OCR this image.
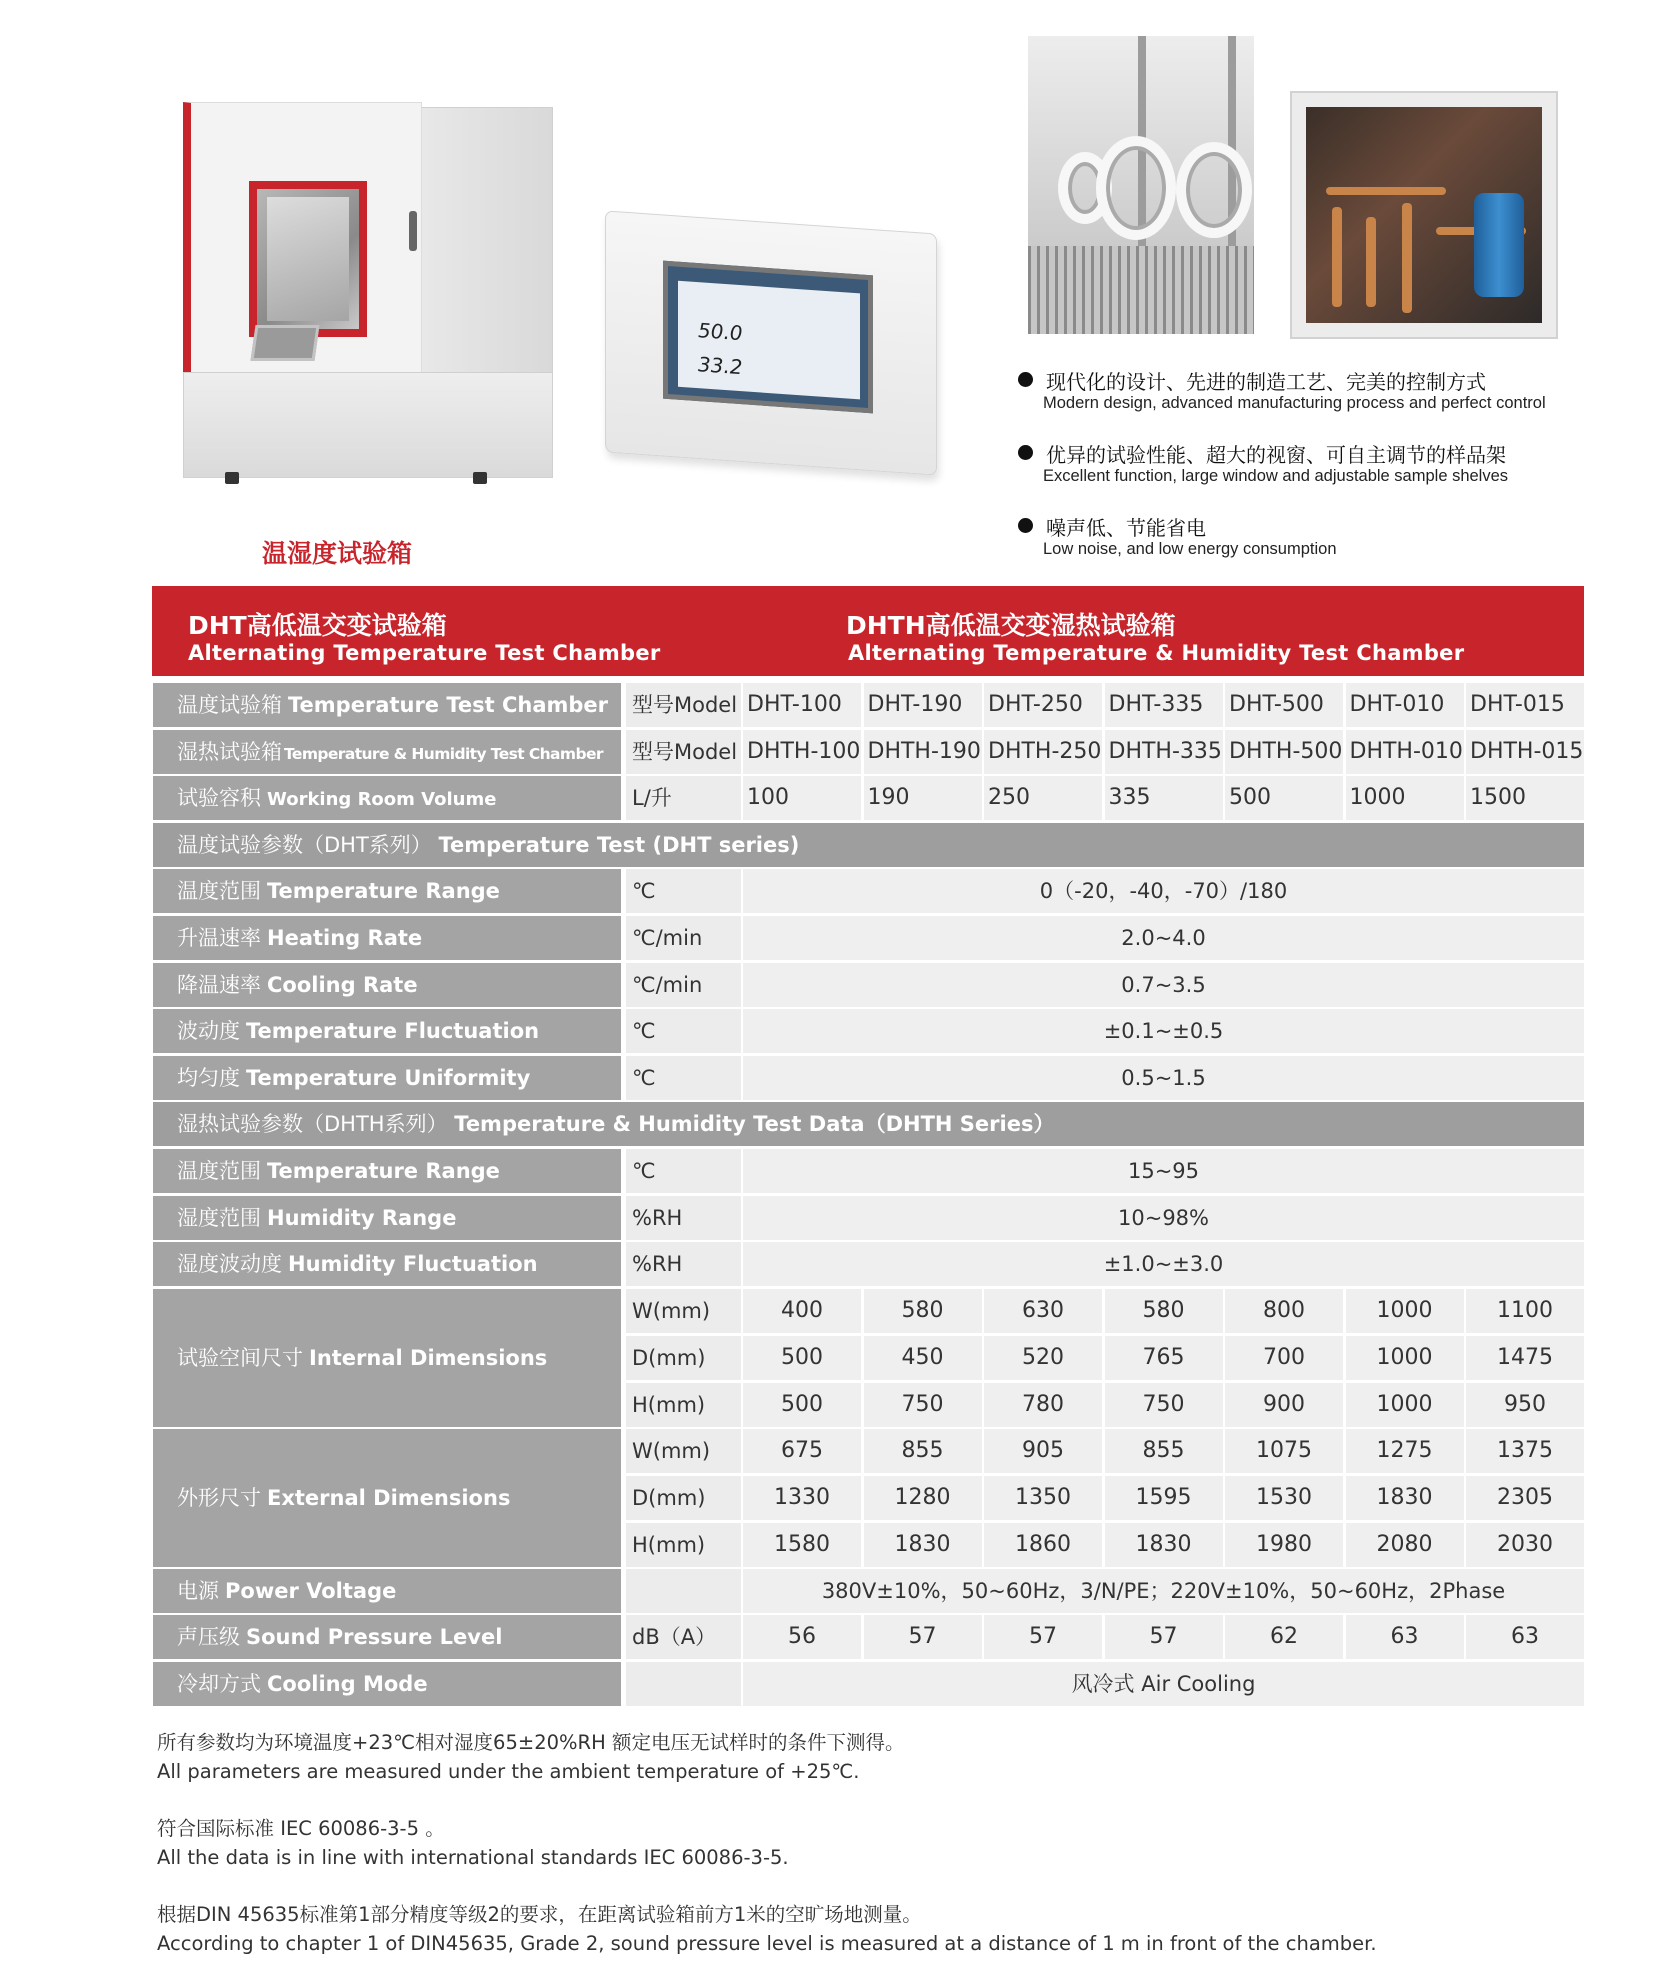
50.0
33.2
现代化的设计、先进的制造工艺、完美的控制方式
Modern design, advanced manufacturing process and perfect control
优异的试验性能、超大的视窗、可自主调节的样品架
Excellent function, large window and adjustable sample shelves
噪声低、节能省电
Low noise, and low energy consumption
温湿度试验箱
DHT高低温交变试验箱
Alternating Temperature Test Chamber
DHTH高低温交变湿热试验箱
Alternating Temperature & Humidity Test Chamber
温度试验箱 Temperature Test Chamber	型号Model DHT-100	DHT-190	DHT-250	DHT-335	DHT-500	DHT-010	DHT-015
湿热试验箱 Temperature & Humidity Test Chamber	型号Model DHTH-100 DHTH-190 DHTH-250 DHTH-335 DHTH-500 DHTH-010 DHTH-015
试验容积 Working Room Volume	L/升	100	190	250	335	500	1000	1500
温度试验参数（DHT系列） Temperature Test (DHT series)
温度范围 Temperature Range	℃	0（-20，-40，-70）/180
升温速率 Heating Rate	℃/min	2.0~4.0
降温速率 Cooling Rate	℃/min	0.7~3.5
波动度 Temperature Fluctuation	℃	±0.1~±0.5
均匀度 Temperature Uniformity	℃	0.5~1.5
湿热试验参数（DHTH系列） Temperature & Humidity Test Data（DHTH Series）
温度范围 Temperature Range	℃	15~95
湿度范围 Humidity Range	%RH	10~98%
湿度波动度 Humidity Fluctuation	%RH	±1.0~±3.0
试验空间尺寸 Internal Dimensions
W(mm)	400	580	630	580	800	1000	1100
D(mm)	500	450	520	765	700	1000	1475
H(mm)	500	750	780	750	900	1000	950
外形尺寸 External Dimensions
W(mm)	675	855	905	855	1075	1275	1375
D(mm)	1330	1280	1350	1595	1530	1830	2305
H(mm)	1580	1830	1860	1830	1980	2080	2030
电源 Power Voltage	380V±10%，50~60Hz，3/N/PE；220V±10%，50~60Hz，2Phase
声压级 Sound Pressure Level	dB（A）	56	57	57	57	62	63	63
冷却方式 Cooling Mode	风冷式 Air Cooling
所有参数均为环境温度+23℃相对湿度65±20%RH 额定电压无试样时的条件下测得。
All parameters are measured under the ambient temperature of +25℃.
符合国际标准 IEC 60086-3-5 。
All the data is in line with international standards IEC 60086-3-5.
根据DIN 45635标准第1部分精度等级2的要求，在距离试验箱前方1米的空旷场地测量。
According to chapter 1 of DIN45635, Grade 2, sound pressure level is measured at a distance of 1 m in front of the chamber.
